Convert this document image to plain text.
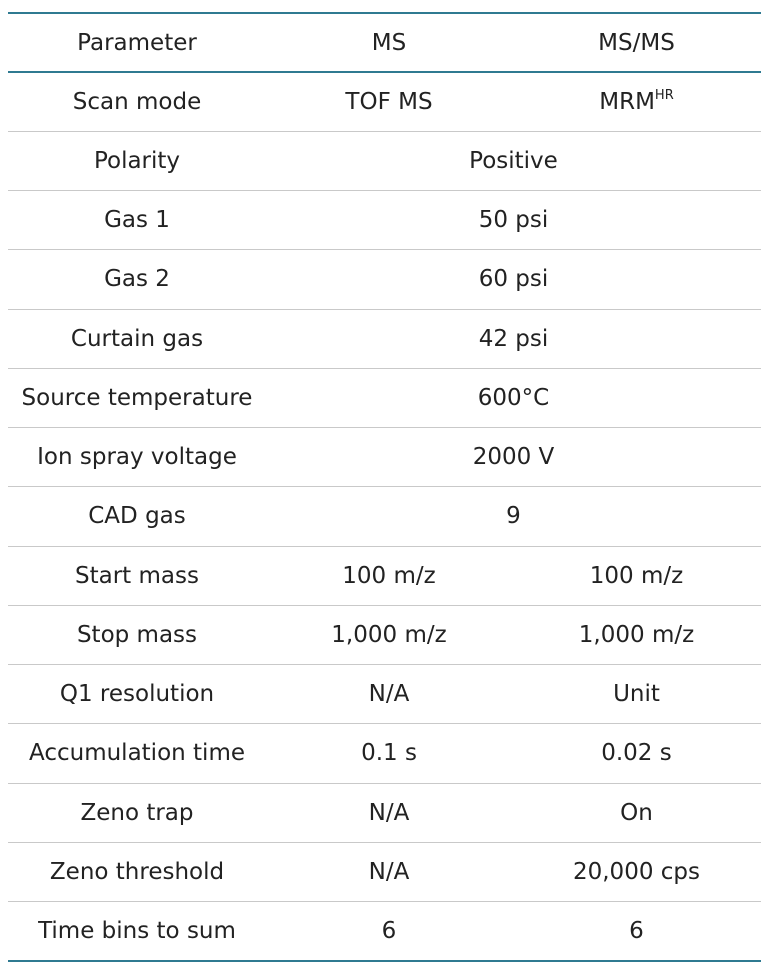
Parameter	MS	MS/MS
Scan mode	TOF MS	$MRM^{HR}$
Polarity	Positive	
Gas 1	50 psi	
Gas 2	60 psi	
Curtain gas	42 psi	
Source temperature	600°C	
Ion spray voltage	2000 V	
CAD gas	9	
Start mass	100 m/z	100 m/z
Stop mass	1,000 m/z	1,000 m/z
Q1 resolution	N/A	Unit
Accumulation time	0.1 s	0.02 s
Zeno trap	N/A	On
Zeno threshold	N/A	20,000 cps
Time bins to sum	6	6
